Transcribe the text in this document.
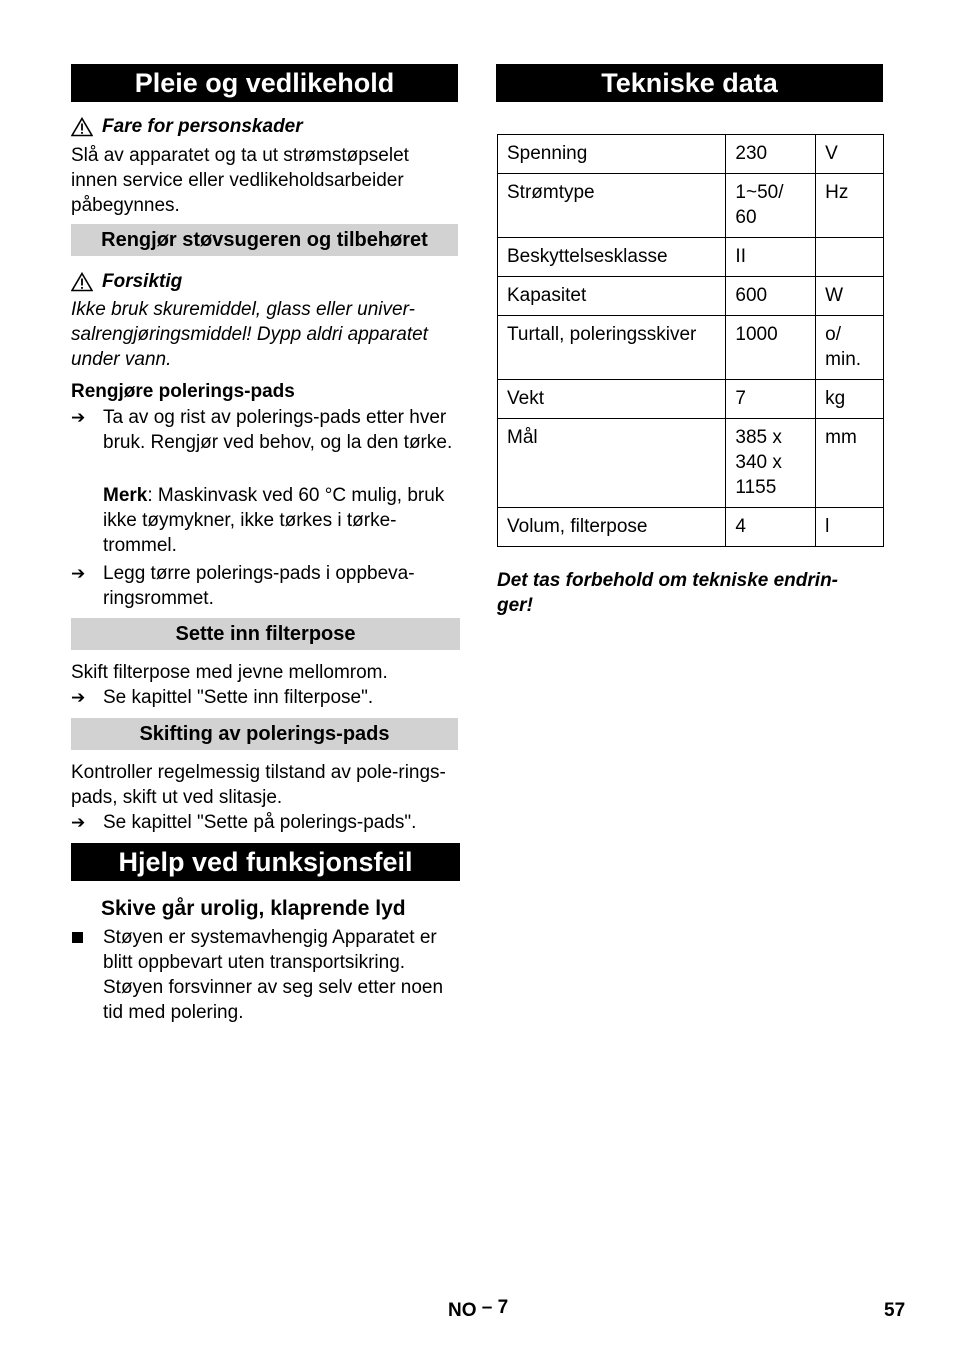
Pleie og vedlikehold
Fare for personskader

Slå av apparatet og ta ut strømstøpselet innen service eller vedlikeholdsarbeider påbegynnes.

Rengjør støvsugeren og tilbehøret
Forsiktig

Ikke bruk skuremiddel, glass eller univer-salrengjøringsmiddel! Dypp aldri apparatet under vann.

Rengjøre polerings-pads
➔ Ta av og rist av polerings-pads etter hver bruk. Rengjør ved behov, og la den tørke.
Merk: Maskinvask ved 60 °C mulig, bruk ikke tøymykner, ikke tørkes i tørke-trommel.
➔ Legg tørre polerings-pads i oppbeva-ringsrommet.
Sette inn filterpose

Skift filterpose med jevne mellomrom.

➔ Se kapittel "Sette inn filterpose".
Skifting av polerings-pads

Kontroller regelmessig tilstand av pole-rings-pads, skift ut ved slitasje.

➔ Se kapittel "Sette på polerings-pads".
Hjelp ved funksjonsfeil
Skive går urolig, klaprende lyd
Støyen er systemavhengig Apparatet er blitt oppbevart uten transportsikring. Støyen forsvinner av seg selv etter noen tid med polering.
Tekniske data
Spenning	230	V
Strømtype	1~50/ 60	Hz
Beskyttelsesklasse	II	
Kapasitet	600	W
Turtall, poleringsskiver	1000	o/ min.
Vekt	7	kg
Mål	385 x 340 x 1155	mm
Volum, filterpose	4	l

Det tas forbehold om tekniske endrin-ger!

NO – 7	57
